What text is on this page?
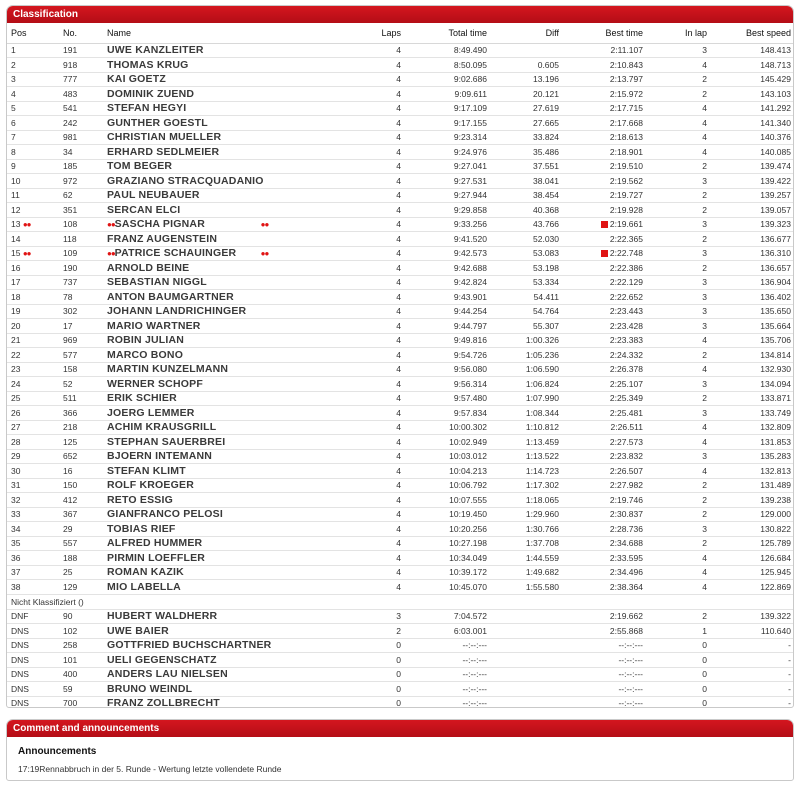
Classification
Pos	No.	Name	Laps	Total time	Diff	Best time	In lap	Best speed
1	191	UWE KANZLEITER	4	8:49.490		2:11.107	3	148.413
2	918	THOMAS KRUG	4	8:50.095	0.605	2:10.843	4	148.713
3	777	KAI GOETZ	4	9:02.686	13.196	2:13.797	2	145.429
4	483	DOMINIK ZUEND	4	9:09.611	20.121	2:15.972	2	143.103
5	541	STEFAN HEGYI	4	9:17.109	27.619	2:17.715	4	141.292
6	242	GUNTHER GOESTL	4	9:17.155	27.665	2:17.668	4	141.340
7	981	CHRISTIAN MUELLER	4	9:23.314	33.824	2:18.613	4	140.376
8	34	ERHARD SEDLMEIER	4	9:24.976	35.486	2:18.901	4	140.085
9	185	TOM BEGER	4	9:27.041	37.551	2:19.510	2	139.474
10	972	GRAZIANO STRACQUADANIO	4	9:27.531	38.041	2:19.562	3	139.422
11	62	PAUL NEUBAUER	4	9:27.944	38.454	2:19.727	2	139.257
12	351	SERCAN ELCI	4	9:29.858	40.368	2:19.928	2	139.057
13 ●●	108	●●SASCHA PIGNAR ●●	4	9:33.256	43.766	2:19.661	3	139.323
14	118	FRANZ AUGENSTEIN	4	9:41.520	52.030	2:22.365	2	136.677
15 ●●	109	●●PATRICE SCHAUINGER ●●	4	9:42.573	53.083	2:22.748	3	136.310
16	190	ARNOLD BEINE	4	9:42.688	53.198	2:22.386	2	136.657
17	737	SEBASTIAN NIGGL	4	9:42.824	53.334	2:22.129	3	136.904
18	78	ANTON BAUMGARTNER	4	9:43.901	54.411	2:22.652	3	136.402
19	302	JOHANN LANDRICHINGER	4	9:44.254	54.764	2:23.443	3	135.650
20	17	MARIO WARTNER	4	9:44.797	55.307	2:23.428	3	135.664
21	969	ROBIN JULIAN	4	9:49.816	1:00.326	2:23.383	4	135.706
22	577	MARCO BONO	4	9:54.726	1:05.236	2:24.332	2	134.814
23	158	MARTIN KUNZELMANN	4	9:56.080	1:06.590	2:26.378	4	132.930
24	52	WERNER SCHOPF	4	9:56.314	1:06.824	2:25.107	3	134.094
25	511	ERIK SCHIER	4	9:57.480	1:07.990	2:25.349	2	133.871
26	366	JOERG LEMMER	4	9:57.834	1:08.344	2:25.481	3	133.749
27	218	ACHIM KRAUSGRILL	4	10:00.302	1:10.812	2:26.511	4	132.809
28	125	STEPHAN SAUERBREI	4	10:02.949	1:13.459	2:27.573	4	131.853
29	652	BJOERN INTEMANN	4	10:03.012	1:13.522	2:23.832	3	135.283
30	16	STEFAN KLIMT	4	10:04.213	1:14.723	2:26.507	4	132.813
31	150	ROLF KROEGER	4	10:06.792	1:17.302	2:27.982	2	131.489
32	412	RETO ESSIG	4	10:07.555	1:18.065	2:19.746	2	139.238
33	367	GIANFRANCO PELOSI	4	10:19.450	1:29.960	2:30.837	2	129.000
34	29	TOBIAS RIEF	4	10:20.256	1:30.766	2:28.736	3	130.822
35	557	ALFRED HUMMER	4	10:27.198	1:37.708	2:34.688	2	125.789
36	188	PIRMIN LOEFFLER	4	10:34.049	1:44.559	2:33.595	4	126.684
37	25	ROMAN KAZIK	4	10:39.172	1:49.682	2:34.496	4	125.945
38	129	MIO LABELLA	4	10:45.070	1:55.580	2:38.364	4	122.869
Nicht Klassifiziert ()								
DNF	90	HUBERT WALDHERR	3	7:04.572		2:19.662	2	139.322
DNS	102	UWE BAIER	2	6:03.001		2:55.868	1	110.640
DNS	258	GOTTFRIED BUCHSCHARTNER	0	--:--:---		--:--:---	0	-
DNS	101	UELI GEGENSCHATZ	0	--:--:---		--:--:---	0	-
DNS	400	ANDERS LAU NIELSEN	0	--:--:---		--:--:---	0	-
DNS	59	BRUNO WEINDL	0	--:--:---		--:--:---	0	-
DNS	700	FRANZ ZOLLBRECHT	0	--:--:---		--:--:---	0	-
Comment and announcements
Announcements
17:19Rennabbruch in der 5. Runde - Wertung letzte vollendete Runde
